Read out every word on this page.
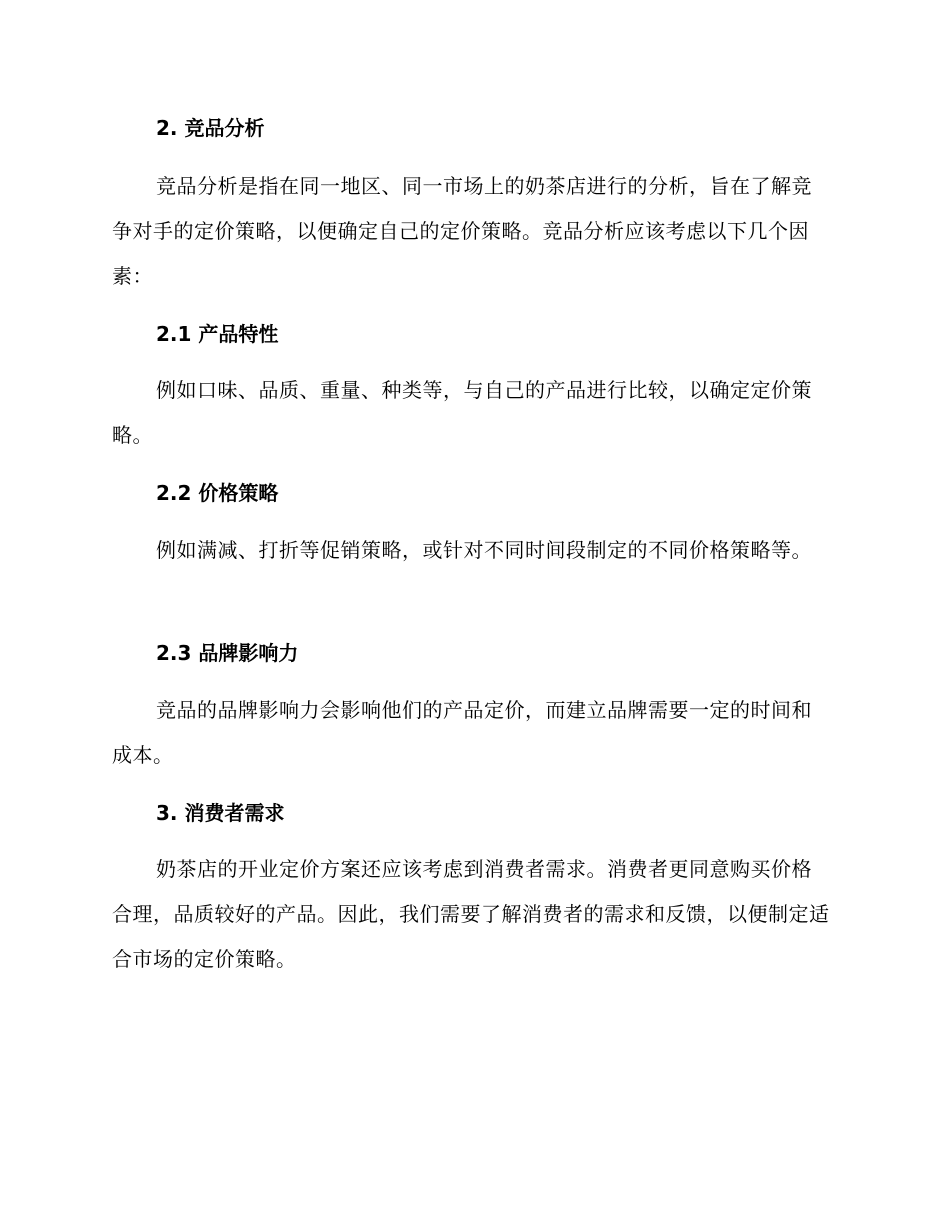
2. 竞品分析

竞品分析是指在同一地区、同一市场上的奶茶店进行的分析，旨在了解竞争对手的定价策略，以便确定自己的定价策略。竞品分析应该考虑以下几个因素：

2.1 产品特性

例如口味、品质、重量、种类等，与自己的产品进行比较，以确定定价策略。

2.2 价格策略

例如满减、打折等促销策略，或针对不同时间段制定的不同价格策略等。

2.3 品牌影响力

竞品的品牌影响力会影响他们的产品定价，而建立品牌需要一定的时间和成本。

3. 消费者需求

奶茶店的开业定价方案还应该考虑到消费者需求。消费者更同意购买价格合理，品质较好的产品。因此，我们需要了解消费者的需求和反馈，以便制定适合市场的定价策略。
